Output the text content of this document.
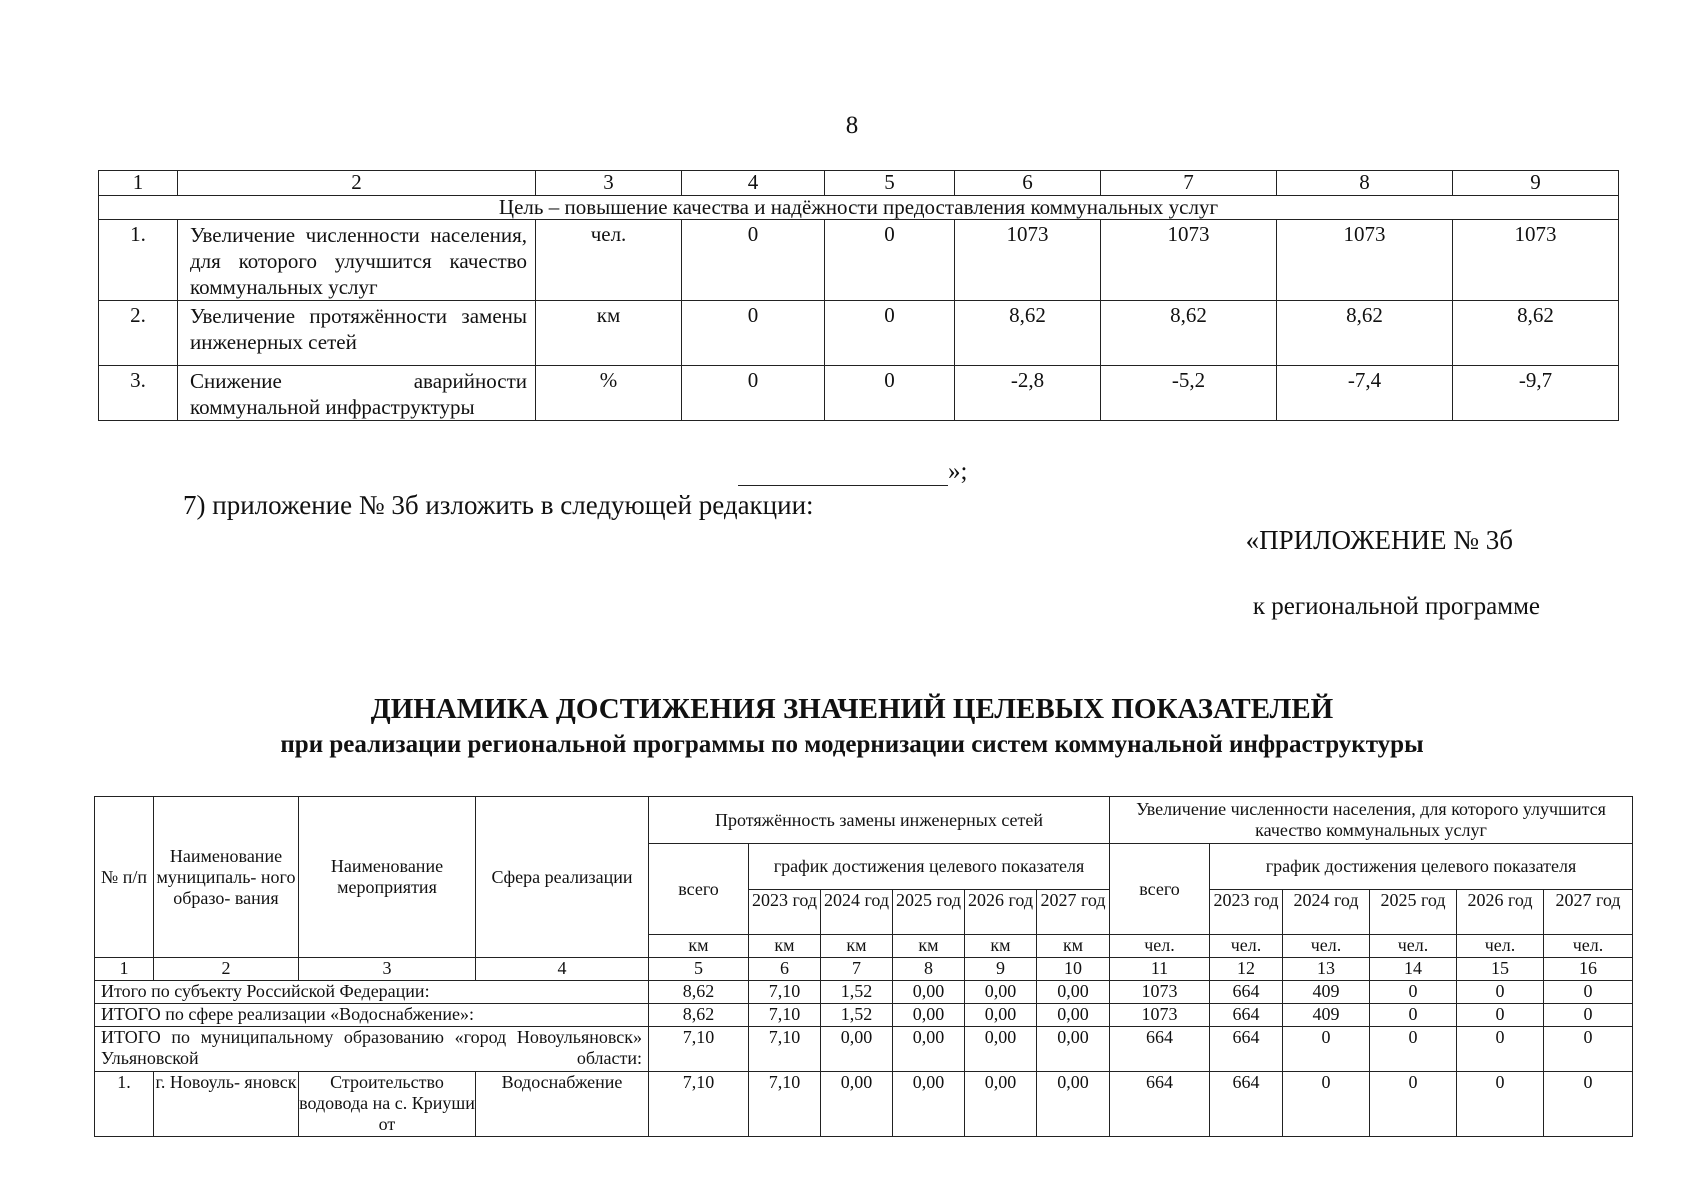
8
1	2	3	4	5	6	7	8	9
Цель – повышение качества и надёжности предоставления коммунальных услуг								
1.	Увеличение численности населения, для которого улучшится качество коммунальных услуг	чел.	0	0	1073	1073	1073	1073
2.	Увеличение протяжённости замены инженерных сетей	км	0	0	8,62	8,62	8,62	8,62
3.	Снижение аварийности коммунальной инфраструктуры	%	0	0	-2,8	-5,2	-7,4	-9,7
»;
7) приложение № 3б изложить в следующей редакции:
«ПРИЛОЖЕНИЕ № 3б
к региональной программе
ДИНАМИКА ДОСТИЖЕНИЯ ЗНАЧЕНИЙ ЦЕЛЕВЫХ ПОКАЗАТЕЛЕЙ
при реализации региональной программы по модернизации систем коммунальной инфраструктуры
№ п/п	Наименование муниципаль- ного образо- вания	Наименование мероприятия	Сфера реализации	Протяжённость замены инженерных сетей						Увеличение численности населения, для которого улучшится качество коммунальных услуг					
				всего	график достижения целевого показателя					всего	график достижения целевого показателя				
					2023 год	2024 год	2025 год	2026 год	2027 год		2023 год	2024 год	2025 год	2026 год	2027 год
				км	км	км	км	км	км	чел.	чел.	чел.	чел.	чел.	чел.
1	2	3	4	5	6	7	8	9	10	11	12	13	14	15	16
Итого по субъекту Российской Федерации:				8,62	7,10	1,52	0,00	0,00	0,00	1073	664	409	0	0	0
ИТОГО по сфере реализации «Водоснабжение»:				8,62	7,10	1,52	0,00	0,00	0,00	1073	664	409	0	0	0
ИТОГО по муниципальному образованию «город Новоульяновск» Ульяновской области:				7,10	7,10	0,00	0,00	0,00	0,00	664	664	0	0	0	0
1.	г. Новоуль- яновск	Строительство водовода на с. Криуши от	Водоснабжение	7,10	7,10	0,00	0,00	0,00	0,00	664	664	0	0	0	0
